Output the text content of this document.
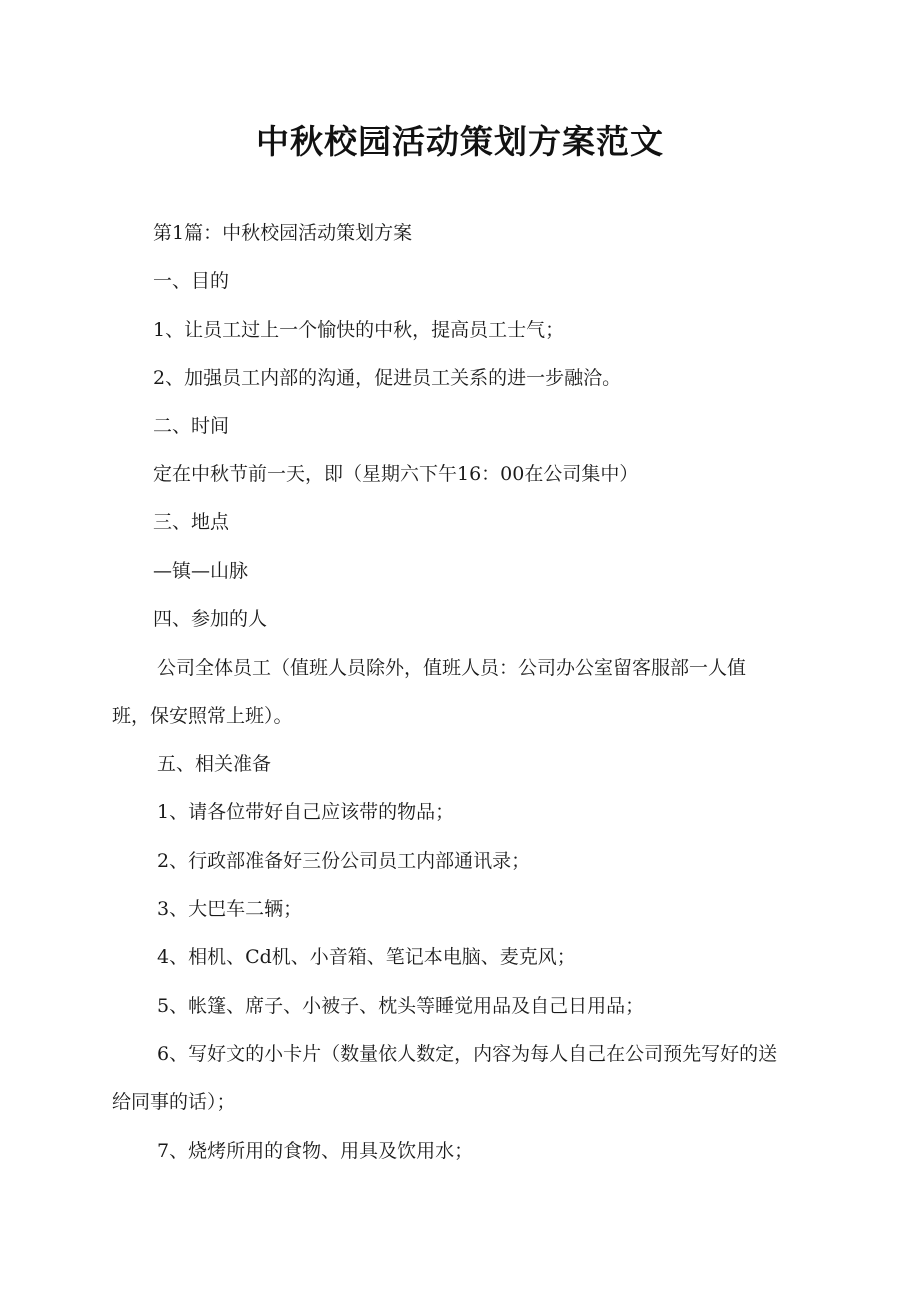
中秋校园活动策划方案范文
第1篇：中秋校园活动策划方案
一、目的
1、让员工过上一个愉快的中秋，提高员工士气；
2、加强员工内部的沟通，促进员工关系的进一步融洽。
二、时间
定在中秋节前一天，即（星期六下午16：00在公司集中）
三、地点
—镇—山脉
四、参加的人
公司全体员工（值班人员除外，值班人员：公司办公室留客服部一人值
班，保安照常上班）。
五、相关准备
1、请各位带好自己应该带的物品；
2、行政部准备好三份公司员工内部通讯录；
3、大巴车二辆；
4、相机、Cd机、小音箱、笔记本电脑、麦克风；
5、帐篷、席子、小被子、枕头等睡觉用品及自己日用品；
6、写好文的小卡片（数量依人数定，内容为每人自己在公司预先写好的送
给同事的话）；
7、烧烤所用的食物、用具及饮用水；
